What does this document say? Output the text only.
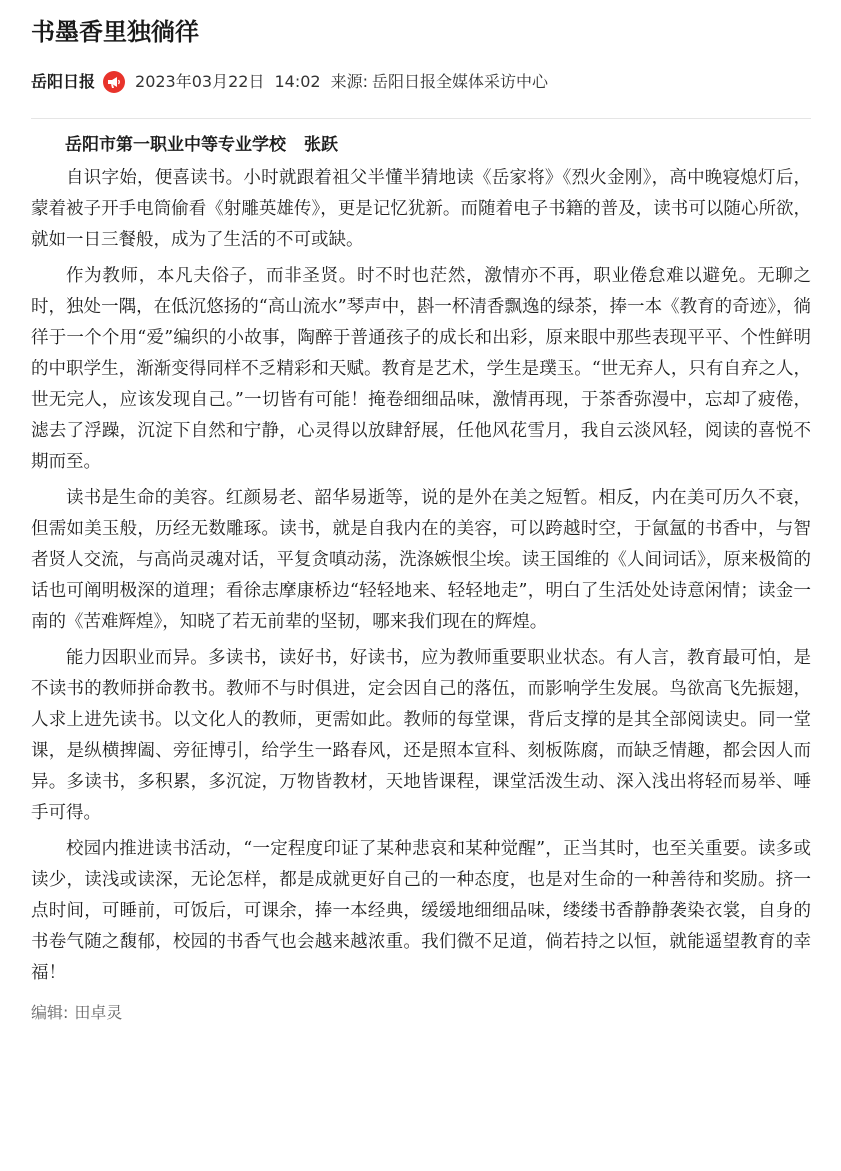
书墨香里独徜徉
岳阳日报	2023年03月22日 14:02 来源: 岳阳日报全媒体采访中心
岳阳市第一职业中等专业学校 张跃

自识字始，便喜读书。小时就跟着祖父半懂半猜地读《岳家将》《烈火金刚》，高中晚寝熄灯后，蒙着被子开手电筒偷看《射雕英雄传》，更是记忆犹新。而随着电子书籍的普及，读书可以随心所欲，就如一日三餐般，成为了生活的不可或缺。

作为教师，本凡夫俗子，而非圣贤。时不时也茫然，激情亦不再，职业倦怠难以避免。无聊之时，独处一隅，在低沉悠扬的“高山流水”琴声中，斟一杯清香飘逸的绿茶，捧一本《教育的奇迹》，徜徉于一个个用“爱”编织的小故事，陶醉于普通孩子的成长和出彩，原来眼中那些表现平平、个性鲜明的中职学生，渐渐变得同样不乏精彩和天赋。教育是艺术，学生是璞玉。“世无弃人，只有自弃之人，世无完人，应该发现自己。”一切皆有可能！掩卷细细品味，激情再现，于茶香弥漫中，忘却了疲倦，滤去了浮躁，沉淀下自然和宁静，心灵得以放肆舒展，任他风花雪月，我自云淡风轻，阅读的喜悦不期而至。

读书是生命的美容。红颜易老、韶华易逝等，说的是外在美之短暂。相反，内在美可历久不衰，但需如美玉般，历经无数雕琢。读书，就是自我内在的美容，可以跨越时空，于氤氲的书香中，与智者贤人交流，与高尚灵魂对话，平复贪嗔动荡，洗涤嫉恨尘埃。读王国维的《人间词话》，原来极简的话也可阐明极深的道理；看徐志摩康桥边“轻轻地来、轻轻地走”，明白了生活处处诗意闲情；读金一南的《苦难辉煌》，知晓了若无前辈的坚韧，哪来我们现在的辉煌。

能力因职业而异。多读书，读好书，好读书，应为教师重要职业状态。有人言，教育最可怕，是不读书的教师拼命教书。教师不与时俱进，定会因自己的落伍，而影响学生发展。鸟欲高飞先振翅，人求上进先读书。以文化人的教师，更需如此。教师的每堂课，背后支撑的是其全部阅读史。同一堂课，是纵横捭阖、旁征博引，给学生一路春风，还是照本宣科、刻板陈腐，而缺乏情趣，都会因人而异。多读书，多积累，多沉淀，万物皆教材，天地皆课程，课堂活泼生动、深入浅出将轻而易举、唾手可得。

校园内推进读书活动，“一定程度印证了某种悲哀和某种觉醒”，正当其时，也至关重要。读多或读少，读浅或读深，无论怎样，都是成就更好自己的一种态度，也是对生命的一种善待和奖励。挤一点时间，可睡前，可饭后，可课余，捧一本经典，缓缓地细细品味，缕缕书香静静袭染衣裳，自身的书卷气随之馥郁，校园的书香气也会越来越浓重。我们微不足道，倘若持之以恒，就能遥望教育的幸福！

编辑: 田卓灵
